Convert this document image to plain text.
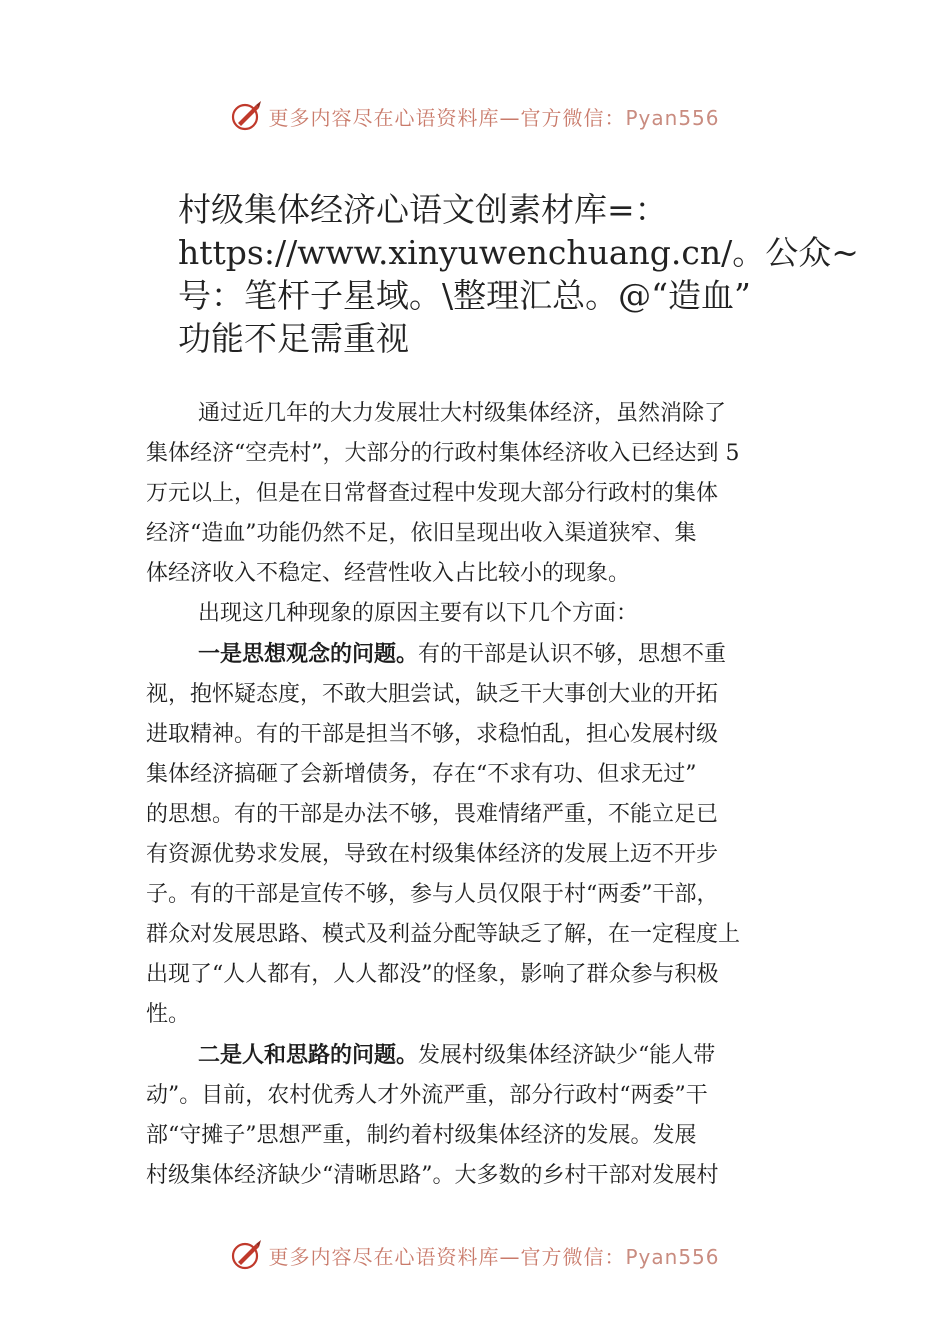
更多内容尽在心语资料库—官方微信：Pyan556
村级集体经济心语文创素材库=：
https://www.xinyuwenchuang.cn/。公众~
号：笔杆子星域。\整理汇总。@“造血”
功能不足需重视

通过近几年的大力发展壮大村级集体经济，虽然消除了
集体经济“空壳村”，大部分的行政村集体经济收入已经达到 5
万元以上，但是在日常督查过程中发现大部分行政村的集体
经济“造血”功能仍然不足，依旧呈现出收入渠道狭窄、集
体经济收入不稳定、经营性收入占比较小的现象。

出现这几种现象的原因主要有以下几个方面：

一是思想观念的问题。有的干部是认识不够，思想不重
视，抱怀疑态度，不敢大胆尝试，缺乏干大事创大业的开拓
进取精神。有的干部是担当不够，求稳怕乱，担心发展村级
集体经济搞砸了会新增债务，存在“不求有功、但求无过”
的思想。有的干部是办法不够，畏难情绪严重，不能立足已
有资源优势求发展，导致在村级集体经济的发展上迈不开步
子。有的干部是宣传不够，参与人员仅限于村“两委”干部，
群众对发展思路、模式及利益分配等缺乏了解，在一定程度上
出现了“人人都有，人人都没”的怪象，影响了群众参与积极
性。

二是人和思路的问题。发展村级集体经济缺少“能人带
动”。目前，农村优秀人才外流严重，部分行政村“两委”干
部“守摊子”思想严重，制约着村级集体经济的发展。发展
村级集体经济缺少“清晰思路”。大多数的乡村干部对发展村

更多内容尽在心语资料库—官方微信：Pyan556
